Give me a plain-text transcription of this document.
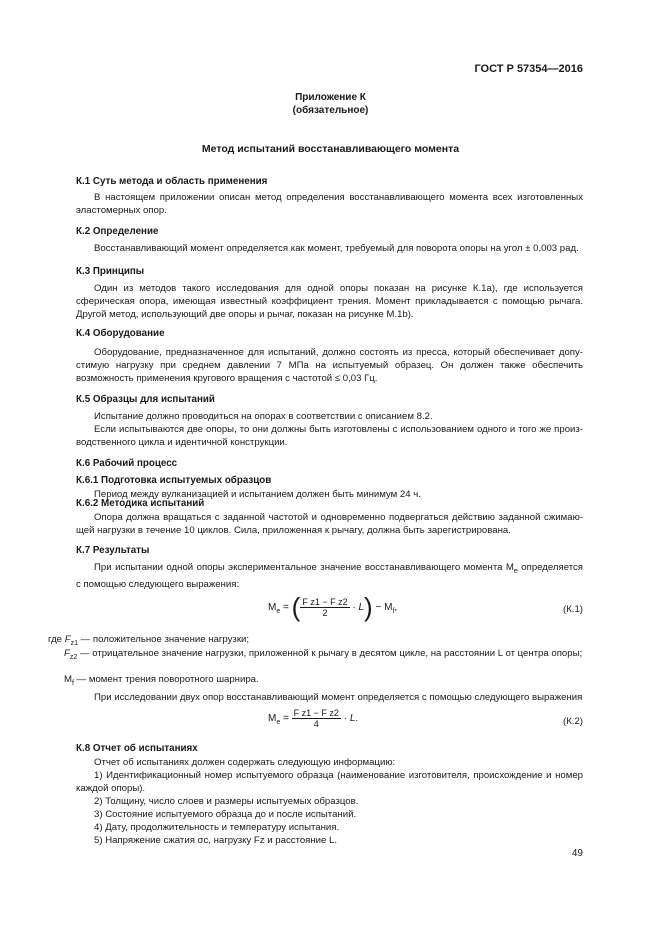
ГОСТ Р 57354—2016
Приложение К
(обязательное)
Метод испытаний восстанавливающего момента
К.1 Суть метода и область применения

В настоящем приложении описан метод определения восстанавливающего момента всех изготовленных эластомерных опор.

К.2 Определение

Восстанавливающий момент определяется как момент, требуемый для поворота опоры на угол ± 0,003 рад.

К.3 Принципы

Один из методов такого исследования для одной опоры показан на рисунке К.1а), где используется сферическая опора, имеющая известный коэффициент трения. Момент прикладывается с помощью рычага. Другой метод, использующий две опоры и рычаг, показан на рисунке М.1b).

К.4 Оборудование

Оборудование, предназначенное для испытаний, должно состоять из пресса, который обеспечивает допустимую нагрузку при среднем давлении 7 МПа на испытуемый образец. Он должен также обеспечить возможность применения кругового вращения с частотой ≤ 0,03 Гц.

К.5 Образцы для испытаний

Испытание должно проводиться на опорах в соответствии с описанием 8.2.

Если испытываются две опоры, то они должны быть изготовлены с использованием одного и того же производственного цикла и идентичной конструкции.

К.6 Рабочий процесс
К.6.1 Подготовка испытуемых образцов

Период между вулканизацией и испытанием должен быть минимум 24 ч.

К.6.2 Методика испытаний

Опора должна вращаться с заданной частотой и одновременно подвергаться действию заданной сжимающей нагрузки в течение 10 циклов. Сила, приложенная к рычагу, должна быть зарегистрирована.

К.7 Результаты

При испытании одной опоры экспериментальное значение восстанавливающего момента $M_e$ определяется с помощью следующего выражения:

$M_e$ = ( $\frac{\text{F z1 − F z2}}{2} \cdot L) - M_f$,	(К.1)
где $F_{z1}$ — положительное значение нагрузки;
$F_{z2}$ — отрицательное значение нагрузки, приложенной к рычагу в десятом цикле, на расстоянии L от центра опоры;
$M_f$ — момент трения поворотного шарнира.

При исследовании двух опор восстанавливающий момент определяется с помощью следующего выражения

$M_e = \frac{\text{F z1 − F z2}}{4} \cdot L$.	(К.2)
К.8 Отчет об испытаниях

Отчет об испытаниях должен содержать следующую информацию:

1) Идентификационный номер испытуемого образца (наименование изготовителя, происхождение и номер каждой опоры).

2) Толщину, число слоев и размеры испытуемых образцов.

3) Состояние испытуемого образца до и после испытаний.

4) Дату, продолжительность и температуру испытания.

5) Напряжение сжатия σc, нагрузку Fz и расстояние L.

49
